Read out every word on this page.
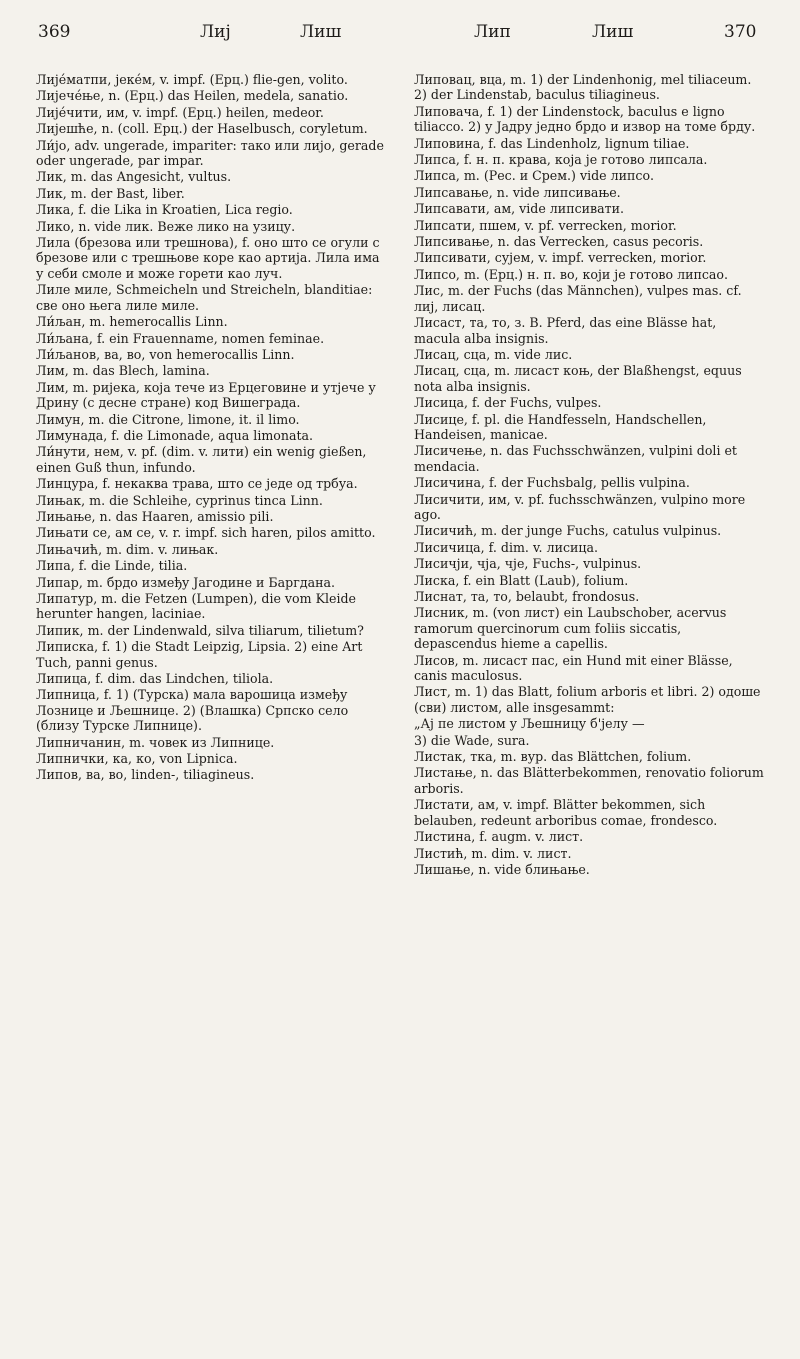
369	Лиј	Лиш	Лип	Лиш	370
Лије́матпи, јеке́м, v. impf. (Ерц.) flie-gen, volito.
Лијече́ње, n. (Ерц.) das Heilen, medela, sanatio.
Лије́чити, им, v. impf. (Ерц.) heilen, medeor.
Лијешће, n. (coll. Ерц.) der Haselbusch, coryletum.
Ли́јо, adv. ungerade, impariter: тако или лијо, gerade oder ungerade, par impar.
Лик, m. das Angesicht, vultus.
Лик, m. der Bast, liber.
Лика, f. die Lika in Kroatien, Lica regio.
Лико, n. vide лик. Веже лико на узицу.
Лила (брезова или трешнова), f. оно што се огули с брезове или с трешњове коре као артија. Лила има у себи смоле и може горети као луч.
Лиле миле, Schmeicheln und Streicheln, blanditiae: све оно њега лиле миле.
Ли́љан, m. hemerocallis Linn.
Ли́љана, f. ein Frauenname, nomen feminae.
Ли́љанов, ва, во, von hemerocallis Linn.
Лим, m. das Blech, lamina.
Лим, m. ријека, која тече из Ерцеговине и утјече у Дрину (с десне стране) код Вишеграда.
Лимун, m. die Citrone, limone, it. il limo.
Лимунада, f. die Limonade, aqua limonata.
Ли́нути, нем, v. pf. (dim. v. лити) ein wenig gießen, einen Guß thun, infundo.
Линцура, f. некаква трава, што се једе од трбуа.
Лињак, m. die Schleihe, cyprinus tinca Linn.
Лињање, n. das Haaren, amissio pili.
Лињати се, ам се, v. r. impf. sich haren, pilos amitto.
Лињачић, m. dim. v. лињак.
Липа, f. die Linde, tilia.
Липар, m. брдо измеђy Јагодине и Баргдана.
Липатур, m. die Fetzen (Lumpen), die vom Kleide herunter hangen, laciniae.
Липик, m. der Lindenwald, silva tiliarum, tilietum?
Липиска, f. 1) die Stadt Leipzig, Lipsia. 2) eine Art Tuch, panni genus.
Липица, f. dim. das Lindchen, tiliola.
Липница, f. 1) (Турска) мала варошица измеђy Лознице и Љешнице. 2) (Влашка) Српско село (близу Турске Липнице).
Липничанин, m. човек из Липнице.
Липнички, ка, ко, von Lipnica.
Липов, ва, во, linden-, tiliagineus.
Липовац, вца, m. 1) der Lindenhonig, mel tiliaceum. 2) der Lindenstab, baculus tiliagineus.
Липовача, f. 1) der Lindenstock, baculus e ligno tiliacco. 2) у Јадру једно брдо и извор на томе брду.
Липовина, f. das Lindenholz, lignum tiliae.
Липса, f. н. п. крава, која је готово липсала.
Липса, m. (Рес. и Срем.) vide липсо.
Липсавање, n. vide липсивање.
Липсавати, ам, vide липсивати.
Липсати, пшем, v. pf. verrecken, morior.
Липсивање, n. das Verrecken, casus pecoris.
Липсивати, сујем, v. impf. verrecken, morior.
Липсо, m. (Ерц.) н. п. во, који је готово липсао.
Лис, m. der Fuchs (das Männchen), vulpes mas. cf. лиј, лисац.
Лисаст, та, то, з. В. Pferd, das eine Blässe hat, macula alba insignis.
Лисац, сца, m. vide лис.
Лисац, сца, m. лисаст коњ, der Blaßhengst, equus nota alba insignis.
Лисица, f. der Fuchs, vulpes.
Лисице, f. pl. die Handfesseln, Handschellen, Handeisen, manicae.
Лисичење, n. das Fuchsschwänzen, vulpini doli et mendacia.
Лисичина, f. der Fuchsbalg, pellis vulpina.
Лисичити, им, v. pf. fuchsschwänzen, vulpino more ago.
Лисичић, m. der junge Fuchs, catulus vulpinus.
Лисичица, f. dim. v. лисица.
Лисичји, чја, чје, Fuchs-, vulpinus.
Лиска, f. ein Blatt (Laub), folium.
Лиснат, та, то, belaubt, frondosus.
Лисник, m. (von лист) ein Laubschober, acervus ramorum quercinorum cum foliis siccatis, depascendus hieme a capellis.
Лисов, m. лисаст пас, ein Hund mit einer Blässe, canis maculosus.
Лист, m. 1) das Blatt, folium arboris et libri. 2) одоше (сви) листом, alle insgesammt:
„Ај пе листом у Љешницу б'јелу —
3) die Wade, sura.
Листак, тка, m. вур. das Blättchen, folium.
Листање, n. das Blätterbekommen, renovatio foliorum arboris.
Листати, ам, v. impf. Blätter bekommen, sich belauben, redeunt arboribus comae, frondesco.
Листина, f. augm. v. лист.
Листић, m. dim. v. лист.
Лишање, n. vide блињање.
